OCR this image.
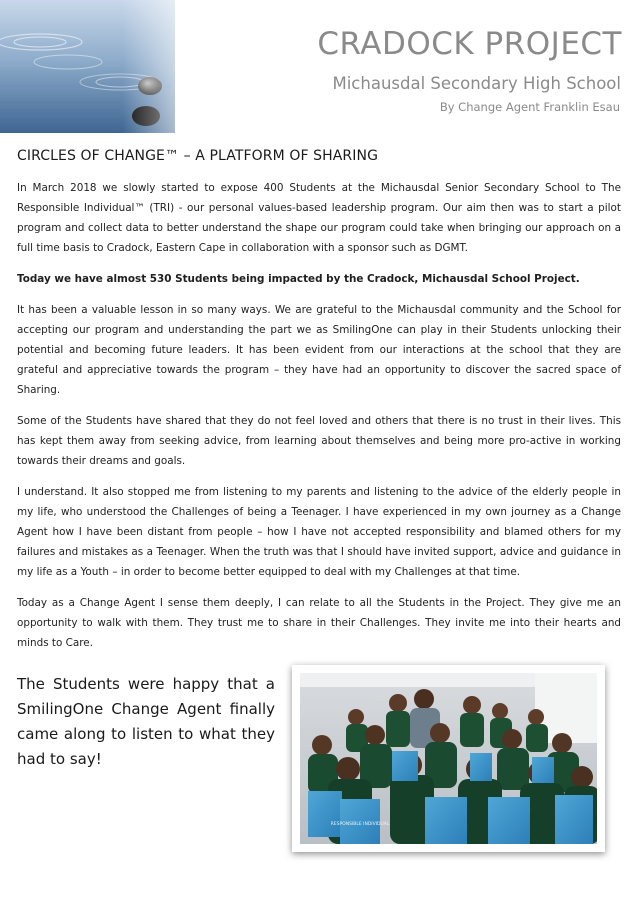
CRADOCK PROJECT
Michausdal Secondary High School
By Change Agent Franklin Esau
CIRCLES OF CHANGE™ – A PLATFORM OF SHARING

In March 2018 we slowly started to expose 400 Students at the Michausdal Senior Secondary School to The Responsible Individual™ (TRI) - our personal values-based leadership program. Our aim then was to start a pilot program and collect data to better understand the shape our program could take when bringing our approach on a full time basis to Cradock, Eastern Cape in collaboration with a sponsor such as DGMT.

Today we have almost 530 Students being impacted by the Cradock, Michausdal School Project.

It has been a valuable lesson in so many ways. We are grateful to the Michausdal community and the School for accepting our program and understanding the part we as SmilingOne can play in their Students unlocking their potential and becoming future leaders. It has been evident from our interactions at the school that they are grateful and appreciative towards the program – they have had an opportunity to discover the sacred space of Sharing.

Some of the Students have shared that they do not feel loved and others that there is no trust in their lives. This has kept them away from seeking advice, from learning about themselves and being more pro-active in working towards their dreams and goals.

I understand. It also stopped me from listening to my parents and listening to the advice of the elderly people in my life, who understood the Challenges of being a Teenager. I have experienced in my own journey as a Change Agent how I have been distant from people – how I have not accepted responsibility and blamed others for my failures and mistakes as a Teenager. When the truth was that I should have invited support, advice and guidance in my life as a Youth – in order to become better equipped to deal with my Challenges at that time.

Today as a Change Agent I sense them deeply, I can relate to all the Students in the Project. They give me an opportunity to walk with them. They trust me to share in their Challenges. They invite me into their hearts and minds to Care.

The Students were happy that a SmilingOne Change Agent finally came along to listen to what they had to say!
RESPONSIBLE INDIVIDUAL
